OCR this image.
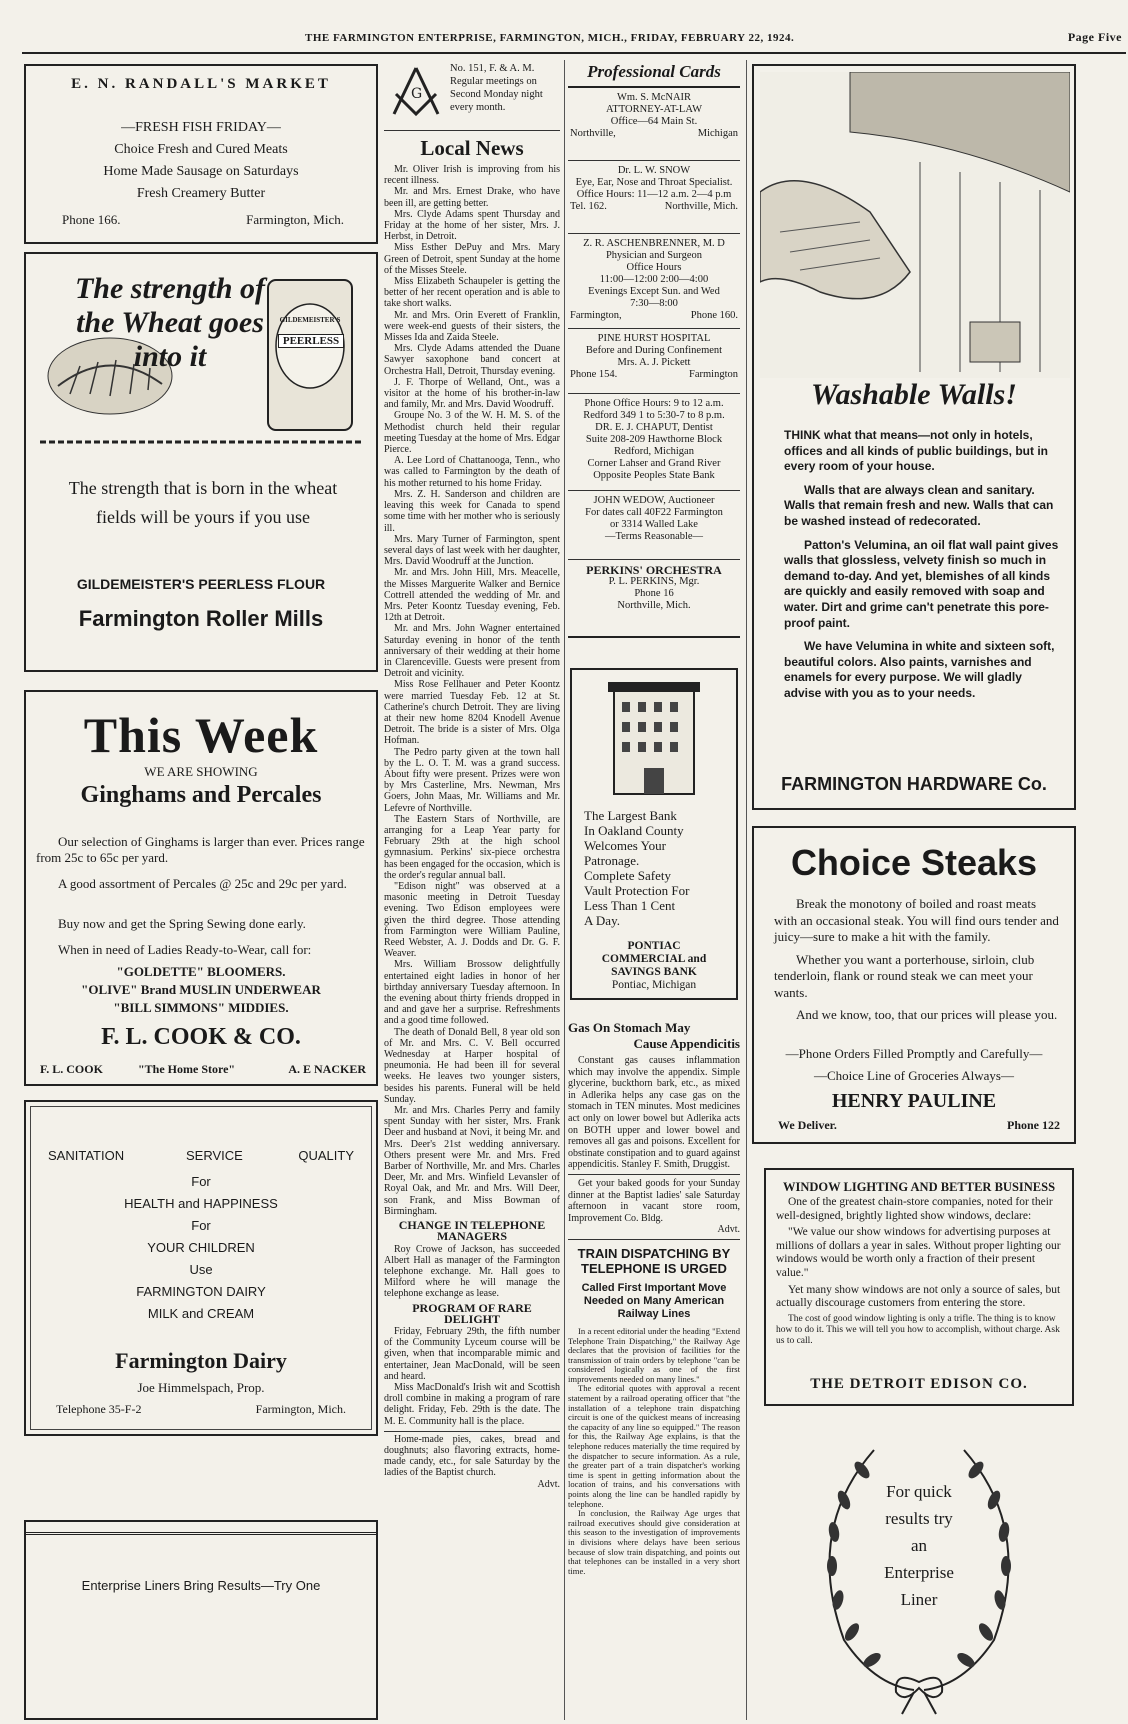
THE FARMINGTON ENTERPRISE, FARMINGTON, MICH., FRIDAY, FEBRUARY 22, 1924.	Page Five
E. N. RANDALL'S MARKET
—FRESH FISH FRIDAY—
Choice Fresh and Cured Meats
Home Made Sausage on Saturdays
Fresh Creamery Butter
Phone 166.	Farmington, Mich.
The strength of the Wheat goes into it
GILDEMEISTER'S
PEERLESS
The strength that is born in the wheat fields will be yours if you use
GILDEMEISTER'S PEERLESS FLOUR
Farmington Roller Mills
This Week
WE ARE SHOWING
Ginghams and Percales
Our selection of Ginghams is larger than ever. Prices range from 25c to 65c per yard.
A good assortment of Percales @ 25c and 29c per yard.
Buy now and get the Spring Sewing done early.
When in need of Ladies Ready-to-Wear, call for:
"GOLDETTE" BLOOMERS.
"OLIVE" Brand MUSLIN UNDERWEAR
"BILL SIMMONS" MIDDIES.
F. L. COOK & CO.
F. L. COOK	"The Home Store"	A. E NACKER
SANITATION	SERVICE	QUALITY
For
HEALTH and HAPPINESS
For
YOUR CHILDREN
Use
FARMINGTON DAIRY
MILK and CREAM
Farmington Dairy
Joe Himmelspach, Prop.
Telephone 35-F-2	Farmington, Mich.
Enterprise Liners Bring Results—Try One
G
No. 151, F. & A. M. Regular meetings on Second Monday night every month.
Local News

Mr. Oliver Irish is improving from his recent illness.

Mr. and Mrs. Ernest Drake, who have been ill, are getting better.

Mrs. Clyde Adams spent Thursday and Friday at the home of her sister, Mrs. J. Herbst, in Detroit.

Miss Esther DePuy and Mrs. Mary Green of Detroit, spent Sunday at the home of the Misses Steele.

Miss Elizabeth Schaupeler is getting the better of her recent operation and is able to take short walks.

Mr. and Mrs. Orin Everett of Franklin, were week-end guests of their sisters, the Misses Ida and Zaida Steele.

Mrs. Clyde Adams attended the Duane Sawyer saxophone band concert at Orchestra Hall, Detroit, Thursday evening.

J. F. Thorpe of Welland, Ont., was a visitor at the home of his brother-in-law and family, Mr. and Mrs. David Woodruff.

Groupe No. 3 of the W. H. M. S. of the Methodist church held their regular meeting Tuesday at the home of Mrs. Edgar Pierce.

A. Lee Lord of Chattanooga, Tenn., who was called to Farmington by the death of his mother returned to his home Friday.

Mrs. Z. H. Sanderson and children are leaving this week for Canada to spend some time with her mother who is seriously ill.

Mrs. Mary Turner of Farmington, spent several days of last week with her daughter, Mrs. David Woodruff at the Junction.

Mr. and Mrs. John Hill, Mrs. Meacelle, the Misses Marguerite Walker and Bernice Cottrell attended the wedding of Mr. and Mrs. Peter Koontz Tuesday evening, Feb. 12th at Detroit.

Mr. and Mrs. John Wagner entertained Saturday evening in honor of the tenth anniversary of their wedding at their home in Clarenceville. Guests were present from Detroit and vicinity.

Miss Rose Fellhauer and Peter Koontz were married Tuesday Feb. 12 at St. Catherine's church Detroit. They are living at their new home 8204 Knodell Avenue Detroit. The bride is a sister of Mrs. Olga Hofman.

The Pedro party given at the town hall by the L. O. T. M. was a grand success. About fifty were present. Prizes were won by Mrs Casterline, Mrs. Newman, Mrs Goers, John Maas, Mr. Williams and Mr. Lefevre of Northville.

The Eastern Stars of Northville, are arranging for a Leap Year party for February 29th at the high school gymnasium. Perkins' six-piece orchestra has been engaged for the occasion, which is the order's regular annual ball.

"Edison night" was observed at a masonic meeting in Detroit Tuesday evening. Two Edison employees were given the third degree. Those attending from Farmington were William Pauline, Reed Webster, A. J. Dodds and Dr. G. F. Weaver.

Mrs. William Brossow delightfully entertained eight ladies in honor of her birthday anniversary Tuesday afternoon. In the evening about thirty friends dropped in and and gave her a surprise. Refreshments and a good time followed.

The death of Donald Bell, 8 year old son of Mr. and Mrs. C. V. Bell occurred Wednesday at Harper hospital of pneumonia. He had been ill for several weeks. He leaves two younger sisters, besides his parents. Funeral will be held Sunday.

Mr. and Mrs. Charles Perry and family spent Sunday with her sister, Mrs. Frank Deer and husband at Novi, it being Mr. and Mrs. Deer's 21st wedding anniversary. Others present were Mr. and Mrs. Fred Barber of Northville, Mr. and Mrs. Charles Deer, Mr. and Mrs. Winfield Levansler of Royal Oak, and Mr. and Mrs. Will Deer, son Frank, and Miss Bowman of Birmingham.

CHANGE IN TELEPHONE MANAGERS

Roy Crowe of Jackson, has succeeded Albert Hall as manager of the Farmington telephone exchange. Mr. Hall goes to Milford where he will manage the telephone exchange as lease.

PROGRAM OF RARE DELIGHT

Friday, February 29th, the fifth number of the Community Lyceum course will be given, when that incomparable mimic and entertainer, Jean MacDonald, will be seen and heard.

Miss MacDonald's Irish wit and Scottish droll combine in making a program of rare delight. Friday, Feb. 29th is the date. The M. E. Community hall is the place.

Home-made pies, cakes, bread and doughnuts; also flavoring extracts, home-made candy, etc., for sale Saturday by the ladies of the Baptist church.

Advt.
Professional Cards
Wm. S. McNAIR
ATTORNEY-AT-LAW
Office—64 Main St.
Northville,	Michigan
Dr. L. W. SNOW
Eye, Ear, Nose and Throat Specialist.
Office Hours: 11—12 a.m. 2—4 p.m
Tel. 162.	Northville, Mich.
Z. R. ASCHENBRENNER, M. D
Physician and Surgeon
Office Hours
11:00—12:00 2:00—4:00
Evenings Except Sun. and Wed
7:30—8:00
Farmington,	Phone 160.
PINE HURST HOSPITAL
Before and During Confinement
Mrs. A. J. Pickett
Phone 154.	Farmington
Phone Office Hours: 9 to 12 a.m.
Redford 349 1 to 5:30-7 to 8 p.m.
DR. E. J. CHAPUT, Dentist
Suite 208-209 Hawthorne Block
Redford, Michigan
Corner Lahser and Grand River
Opposite Peoples State Bank
JOHN WEDOW, Auctioneer
For dates call 40F22 Farmington
or 3314 Walled Lake
—Terms Reasonable—
PERKINS' ORCHESTRA
P. L. PERKINS, Mgr.
Phone 16
Northville, Mich.
The Largest Bank
In Oakland County
Welcomes Your
Patronage.
Complete Safety
Vault Protection For
Less Than 1 Cent
A Day.
PONTIAC
COMMERCIAL and
SAVINGS BANK
Pontiac, Michigan
Gas On Stomach May
Cause Appendicitis

Constant gas causes inflammation which may involve the appendix. Simple glycerine, buckthorn bark, etc., as mixed in Adlerika helps any case gas on the stomach in TEN minutes. Most medicines act only on lower bowel but Adlerika acts on BOTH upper and lower bowel and removes all gas and poisons. Excellent for obstinate constipation and to guard against appendicitis. Stanley F. Smith, Druggist.

Get your baked goods for your Sunday dinner at the Baptist ladies' sale Saturday afternoon in vacant store room, Improvement Co. Bldg.

Advt.
TRAIN DISPATCHING BY
TELEPHONE IS URGED
Called First Important Move
Needed on Many American
Railway Lines

In a recent editorial under the heading "Extend Telephone Train Dispatching," the Railway Age declares that the provision of facilities for the transmission of train orders by telephone "can be considered logically as one of the first improvements needed on many lines."

The editorial quotes with approval a recent statement by a railroad operating officer that "the installation of a telephone train dispatching circuit is one of the quickest means of increasing the capacity of any line so equipped." The reason for this, the Railway Age explains, is that the telephone reduces materially the time required by the dispatcher to secure information. As a rule, the greater part of a train dispatcher's working time is spent in getting information about the location of trains, and his conversations with points along the line can be handled rapidly by telephone.

In conclusion, the Railway Age urges that railroad executives should give consideration at this season to the investigation of improvements in divisions where delays have been serious because of slow train dispatching, and points out that telephones can be installed in a very short time.

Washable Walls!

THINK what that means—not only in hotels, offices and all kinds of public buildings, but in every room of your house.

Walls that are always clean and sanitary. Walls that remain fresh and new. Walls that can be washed instead of redecorated.

Patton's Velumina, an oil flat wall paint gives walls that glossless, velvety finish so much in demand to-day. And yet, blemishes of all kinds are quickly and easily removed with soap and water. Dirt and grime can't penetrate this pore-proof paint.

We have Velumina in white and sixteen soft, beautiful colors. Also paints, varnishes and enamels for every purpose. We will gladly advise with you as to your needs.

FARMINGTON HARDWARE Co.
Choice Steaks

Break the monotony of boiled and roast meats with an occasional steak. You will find ours tender and juicy—sure to make a hit with the family.

Whether you want a porterhouse, sirloin, club tenderloin, flank or round steak we can meet your wants.

And we know, too, that our prices will please you.

—Phone Orders Filled Promptly and Carefully—
—Choice Line of Groceries Always—
HENRY PAULINE
We Deliver.	Phone 122
WINDOW LIGHTING AND BETTER BUSINESS

One of the greatest chain-store companies, noted for their well-designed, brightly lighted show windows, declare:

"We value our show windows for advertising purposes at millions of dollars a year in sales. Without proper lighting our windows would be worth only a fraction of their present value."

Yet many show windows are not only a source of sales, but actually discourage customers from entering the store.

The cost of good window lighting is only a trifle. The thing is to know how to do it. This we will tell you how to accomplish, without charge. Ask us to call.

THE DETROIT EDISON CO.
For quick
results try
an
Enterprise
Liner
